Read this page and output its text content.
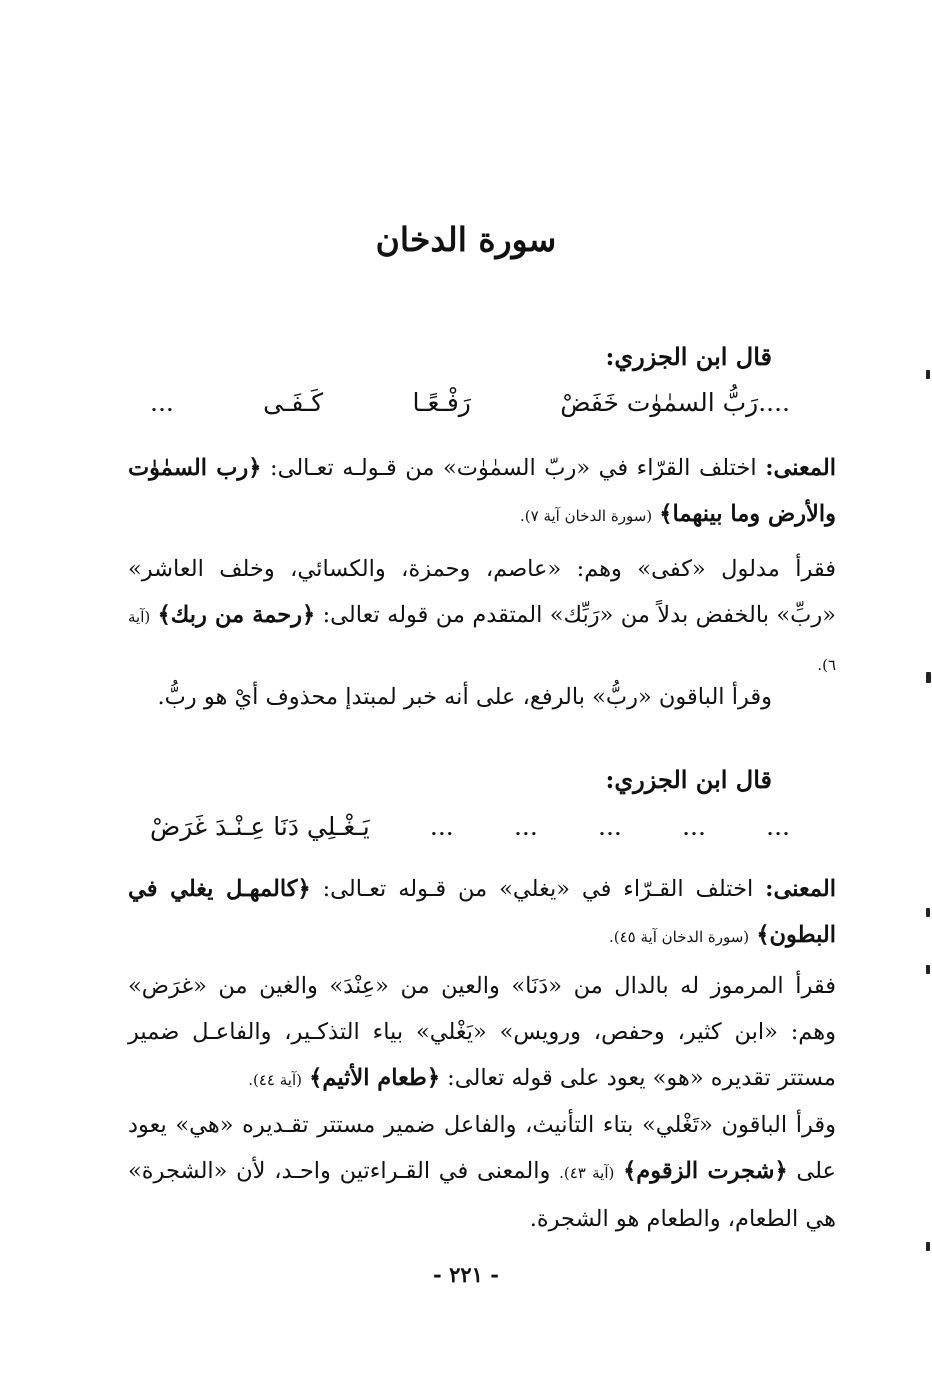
سورة الدخان
قال ابن الجزري:
....رَبُّ السمٰوٰت خَفَضْ
رَفْـعًـا
كَـفَـى
...
المعنى: اختلف القرّاء في «ربّ السمٰوٰت» من قـولـه تعـالى: ﴿رب السمٰوٰت والأرض وما بينهما﴾ (سورة الدخان آية ٧).
فقرأ مدلول «كفى» وهم: «عاصم، وحمزة، والكسائي، وخلف العاشر» «ربِّ» بالخفض بدلاً من «رَبِّك» المتقدم من قوله تعالى: ﴿رحمة من ربك﴾ (آية ٦).
وقرأ الباقون «ربُّ» بالرفع، على أنه خبر لمبتدإ محذوف أيْ هو ربُّ.
قال ابن الجزري:
...
...
...
...
...
يَـغْـلِي دَنَا عِـنْـدَ غَرَضْ
المعنى: اختلف القـرّاء في «يغلي» من قـوله تعـالى: ﴿كالمهـل يغلي في البطون﴾ (سورة الدخان آية ٤٥).
فقرأ المرموز له بالدال من «دَنَا» والعين من «عِنْدَ» والغين من «غرَض» وهم: «ابن كثير، وحفص، ورويس» «يَغْلي» بياء التذكـير، والفاعـل ضمير مستتر تقديره «هو» يعود على قوله تعالى: ﴿طعام الأثيم﴾ (آية ٤٤).
وقرأ الباقون «تَغْلي» بتاء التأنيث، والفاعل ضمير مستتر تقـديره «هي» يعود على ﴿شجرت الزقوم﴾ (آية ٤٣). والمعنى في القـراءتين واحـد، لأن «الشجرة» هي الطعام، والطعام هو الشجرة.
- ٢٢١ -
